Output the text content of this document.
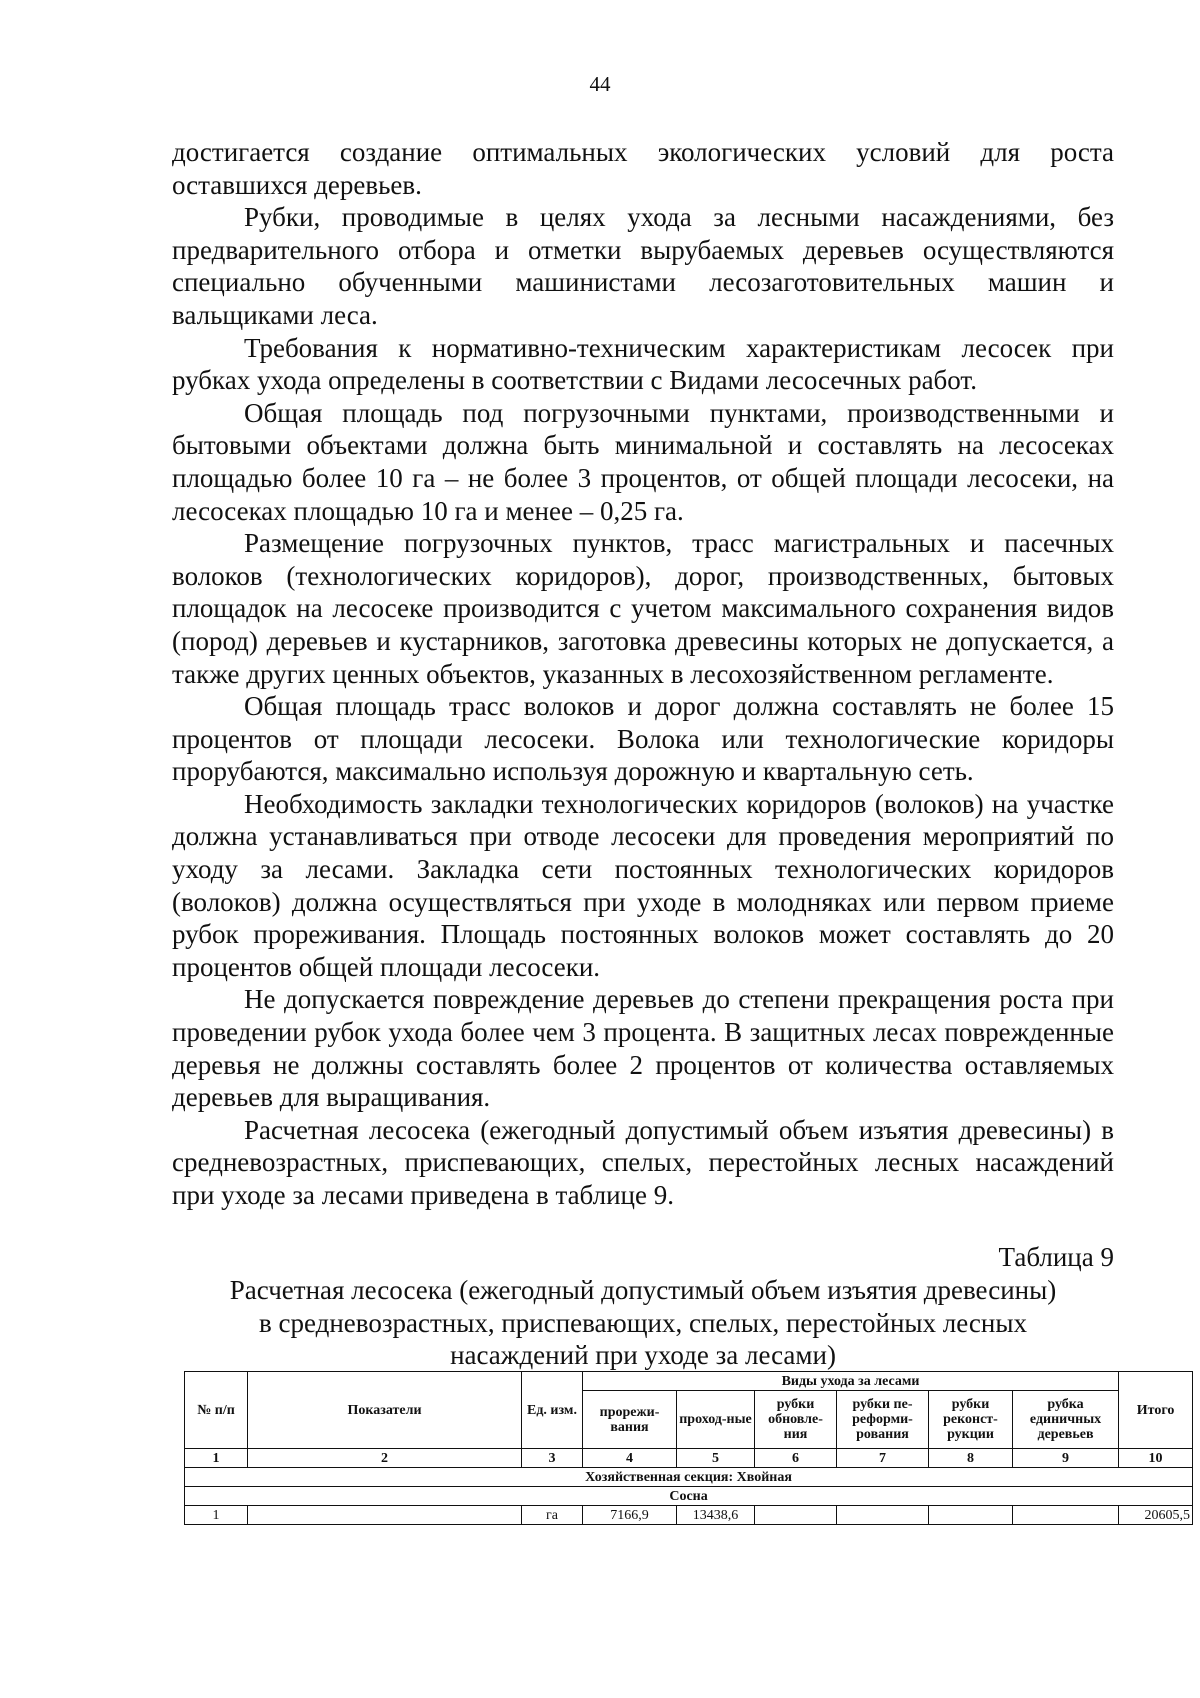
44

достигается создание оптимальных экологических условий для роста оставшихся деревьев.

Рубки, проводимые в целях ухода за лесными насаждениями, без предварительного отбора и отметки вырубаемых деревьев осуществляются специально обученными машинистами лесозаготовительных машин и вальщиками леса.

Требования к нормативно-техническим характеристикам лесосек при рубках ухода определены в соответствии с Видами лесосечных работ.

Общая площадь под погрузочными пунктами, производственными и бытовыми объектами должна быть минимальной и составлять на лесосеках площадью более 10 га – не более 3 процентов, от общей площади лесосеки, на лесосеках площадью 10 га и менее – 0,25 га.

Размещение погрузочных пунктов, трасс магистральных и пасечных волоков (технологических коридоров), дорог, производственных, бытовых площадок на лесосеке производится с учетом максимального сохранения видов (пород) деревьев и кустарников, заготовка древесины которых не допускается, а также других ценных объектов, указанных в лесохозяйственном регламенте.

Общая площадь трасс волоков и дорог должна составлять не более 15 процентов от площади лесосеки. Волока или технологические коридоры прорубаются, максимально используя дорожную и квартальную сеть.

Необходимость закладки технологических коридоров (волоков) на участке должна устанавливаться при отводе лесосеки для проведения мероприятий по уходу за лесами. Закладка сети постоянных технологических коридоров (волоков) должна осуществляться при уходе в молодняках или первом приеме рубок прореживания. Площадь постоянных волоков может составлять до 20 процентов общей площади лесосеки.

Не допускается повреждение деревьев до степени прекращения роста при проведении рубок ухода более чем 3 процента. В защитных лесах поврежденные деревья не должны составлять более 2 процентов от количества оставляемых деревьев для выращивания.

Расчетная лесосека (ежегодный допустимый объем изъятия древесины) в средневозрастных, приспевающих, спелых, перестойных лесных насаждений при уходе за лесами приведена в таблице 9.

Таблица 9
Расчетная лесосека (ежегодный допустимый объем изъятия древесины)
в средневозрастных, приспевающих, спелых, перестойных лесных
насаждений при уходе за лесами)
№ п/п	Показатели	Ед. изм.	Виды ухода за лесами						Итого
			прорежи-вания	проход-ные	рубки обновле-ния	рубки пе-реформи-рования	рубки реконст-рукции	рубка единичных деревьев	
1	2	3	4	5	6	7	8	9	10
Хозяйственная секция: Хвойная									
Сосна									
1		га	7166,9	13438,6					20605,5
